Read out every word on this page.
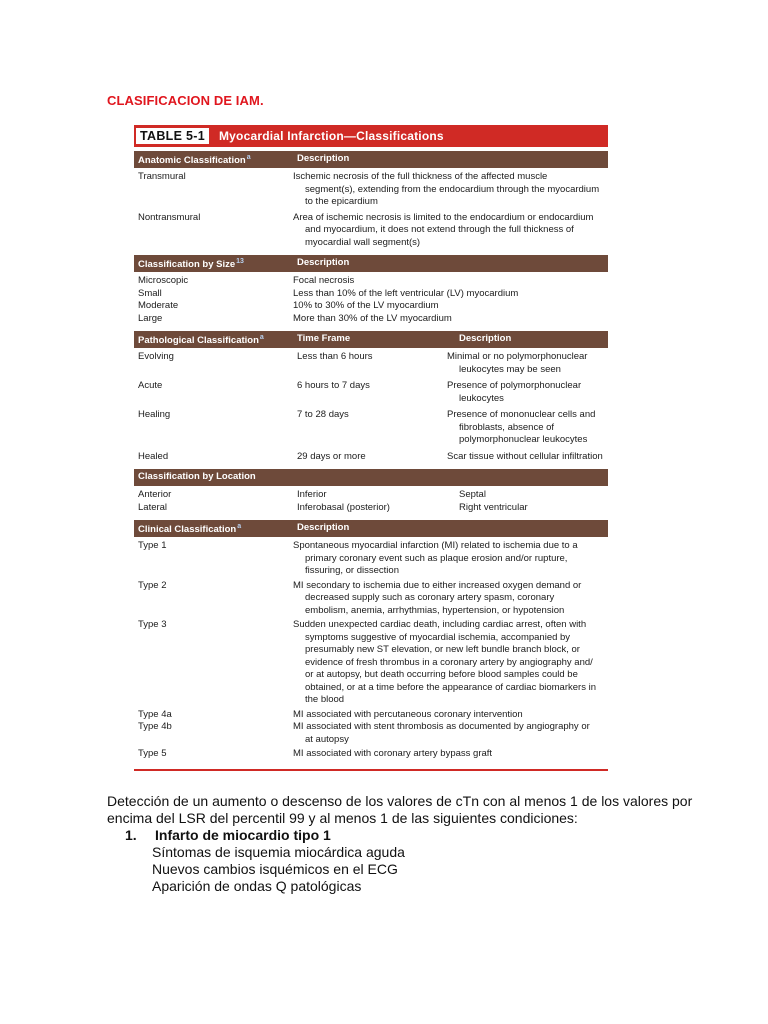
CLASIFICACION DE IAM.
TABLE 5-1	Myocardial Infarction—Classifications
Anatomic Classification$^a$	Description
Transmural	Ischemic necrosis of the full thickness of the affected muscle segment(s), extending from the endocardium through the myocardium to the epicardium
Nontransmural	Area of ischemic necrosis is limited to the endocardium or endocardium and myocardium, it does not extend through the full thickness of myocardial wall segment(s)
Classification by Size$^{13}$	Description
Microscopic	Focal necrosis
Small	Less than 10% of the left ventricular (LV) myocardium
Moderate	10% to 30% of the LV myocardium
Large	More than 30% of the LV myocardium
Pathological Classification$^a$	Time Frame	Description
Evolving	Less than 6 hours	Minimal or no polymorphonuclear leukocytes may be seen
Acute	6 hours to 7 days	Presence of polymorphonuclear leukocytes
Healing	7 to 28 days	Presence of mononuclear cells and fibroblasts, absence of polymorphonuclear leukocytes
Healed	29 days or more	Scar tissue without cellular infiltration
Classification by Location
Anterior	Inferior	Septal
Lateral	Inferobasal (posterior)	Right ventricular
Clinical Classification$^a$	Description
Type 1	Spontaneous myocardial infarction (MI) related to ischemia due to a primary coronary event such as plaque erosion and/or rupture, fissuring, or dissection
Type 2	MI secondary to ischemia due to either increased oxygen demand or decreased supply such as coronary artery spasm, coronary embolism, anemia, arrhythmias, hypertension, or hypotension
Type 3	Sudden unexpected cardiac death, including cardiac arrest, often with symptoms suggestive of myocardial ischemia, accompanied by presumably new ST elevation, or new left bundle branch block, or evidence of fresh thrombus in a coronary artery by angiography and/ or at autopsy, but death occurring before blood samples could be obtained, or at a time before the appearance of cardiac biomarkers in the blood
Type 4a	MI associated with percutaneous coronary intervention
Type 4b	MI associated with stent thrombosis as documented by angiography or at autopsy
Type 5	MI associated with coronary artery bypass graft
Detección de un aumento o descenso de los valores de cTn con al menos 1 de los valores por encima del LSR del percentil 99 y al menos 1 de las siguientes condiciones:
1. Infarto de miocardio tipo 1
Síntomas de isquemia miocárdica aguda
Nuevos cambios isquémicos en el ECG
Aparición de ondas Q patológicas
